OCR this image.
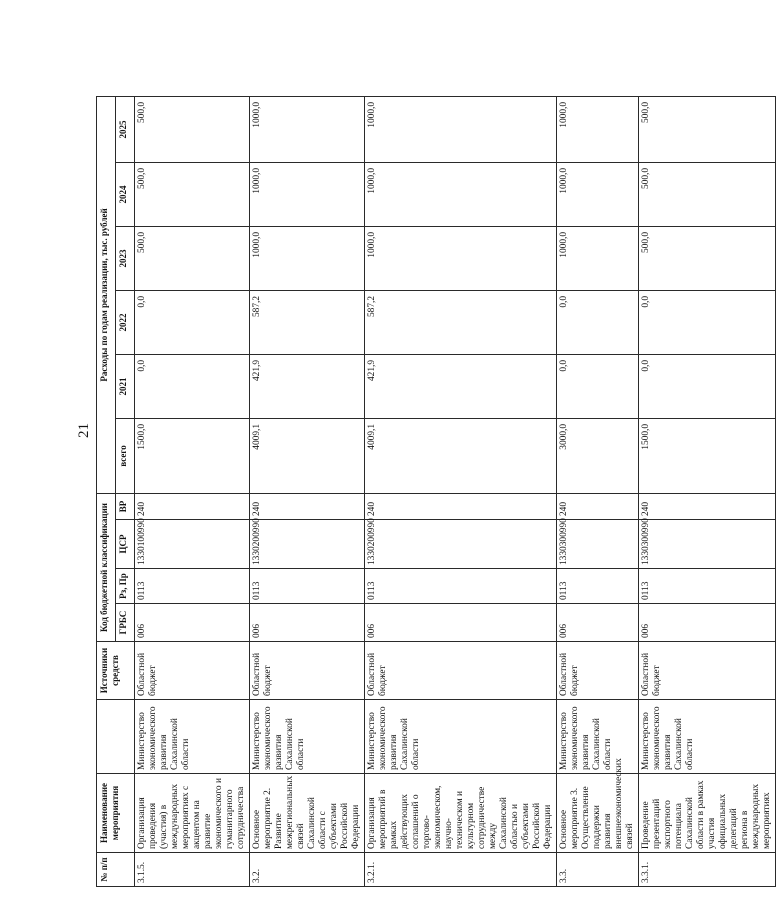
21
№ п/п	Наименование мероприятия		Источники средств	Код бюджетной классификации				Расходы по годам реализации, тыс. рублей					
				ГРБС	Рз, Пр	ЦСР	ВР	всего	2021	2022	2023	2024	2025

3.1.5.	Организация проведения (участия) в международных мероприятиях с акцентом на развитие экономического и гуманитарного сотрудничества	Министерство экономического развития Сахалинской области	Областной бюджет	006	0113	1330100990	240	1500,0	0,0	0,0	500,0	500,0	500,0
3.2.	Основное мероприятие 2. Развитие межрегиональных связей Сахалинской области с субъектами Российской Федерации	Министерство экономического развития Сахалинской области	Областной бюджет	006	0113	1330200990	240	4009,1	421,9	587,2	1000,0	1000,0	1000,0
3.2.1.	Организация мероприятий в рамках действующих соглашений о торгово-экономическом, научно-техническом и культурном сотрудничестве между Сахалинской областью и субъектами Российской Федерации	Министерство экономического развития Сахалинской области	Областной бюджет	006	0113	1330200990	240	4009,1	421,9	587,2	1000,0	1000,0	1000,0
3.3.	Основное мероприятие 3. Осуществление поддержки развития внешнеэкономических связей	Министерство экономического развития Сахалинской области	Областной бюджет	006	0113	1330300990	240	3000,0	0,0	0,0	1000,0	1000,0	1000,0
3.3.1.	Проведение презентаций экспортного потенциала Сахалинской области в рамках участия официальных делегаций региона в международных мероприятиях	Министерство экономического развития Сахалинской области	Областной бюджет	006	0113	1330300990	240	1500,0	0,0	0,0	500,0	500,0	500,0
